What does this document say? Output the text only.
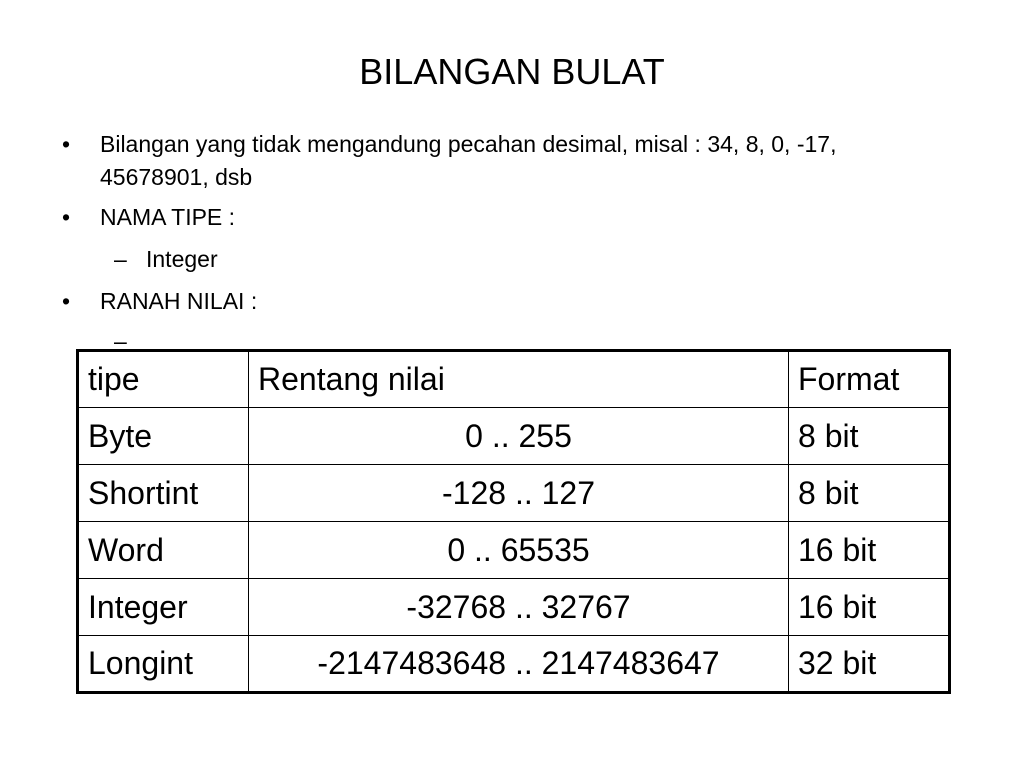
BILANGAN BULAT
• Bilangan yang tidak mengandung pecahan desimal, misal : 34, 8, 0, -17, 45678901, dsb
• NAMA TIPE :
– Integer
• RANAH NILAI :
–
tipe	Rentang nilai	Format
Byte	0 .. 255	8 bit
Shortint	-128 .. 127	8 bit
Word	0 .. 65535	16 bit
Integer	-32768 .. 32767	16 bit
Longint	-2147483648 .. 2147483647	32 bit
